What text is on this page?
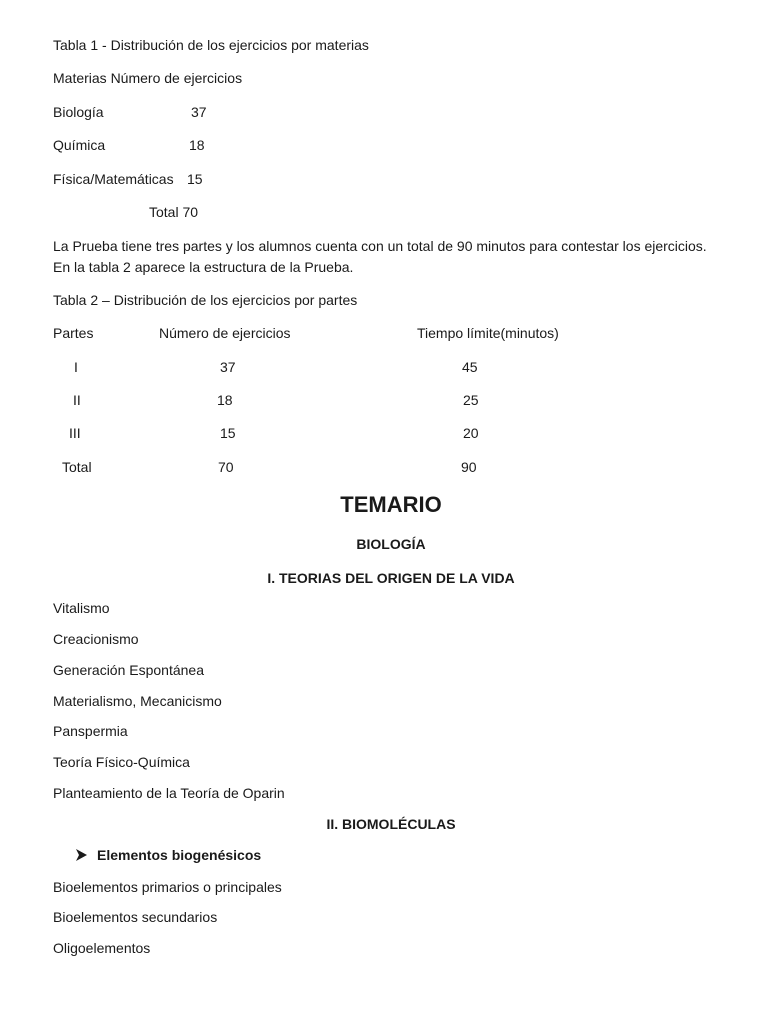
Tabla 1 - Distribución de los ejercicios por materias
Materias Número de ejercicios
Biología	37
Química	18
Física/Matemáticas 15
Total 70
La Prueba tiene tres partes y los alumnos cuenta con un total de 90 minutos para contestar los ejercicios. En la tabla 2 aparece la estructura de la Prueba.
Tabla 2 – Distribución de los ejercicios por partes
Partes	Número de ejercicios	Tiempo límite(minutos)
I	37	45
II	18	25
III	15	20
Total	70	90
TEMARIO
BIOLOGÍA
I. TEORIAS DEL ORIGEN DE LA VIDA
Vitalismo
Creacionismo
Generación Espontánea
Materialismo, Mecanicismo
Panspermia
Teoría Físico-Química
Planteamiento de la Teoría de Oparin
II. BIOMOLÉCULAS
Elementos biogenésicos
Bioelementos primarios o principales
Bioelementos secundarios
Oligoelementos
